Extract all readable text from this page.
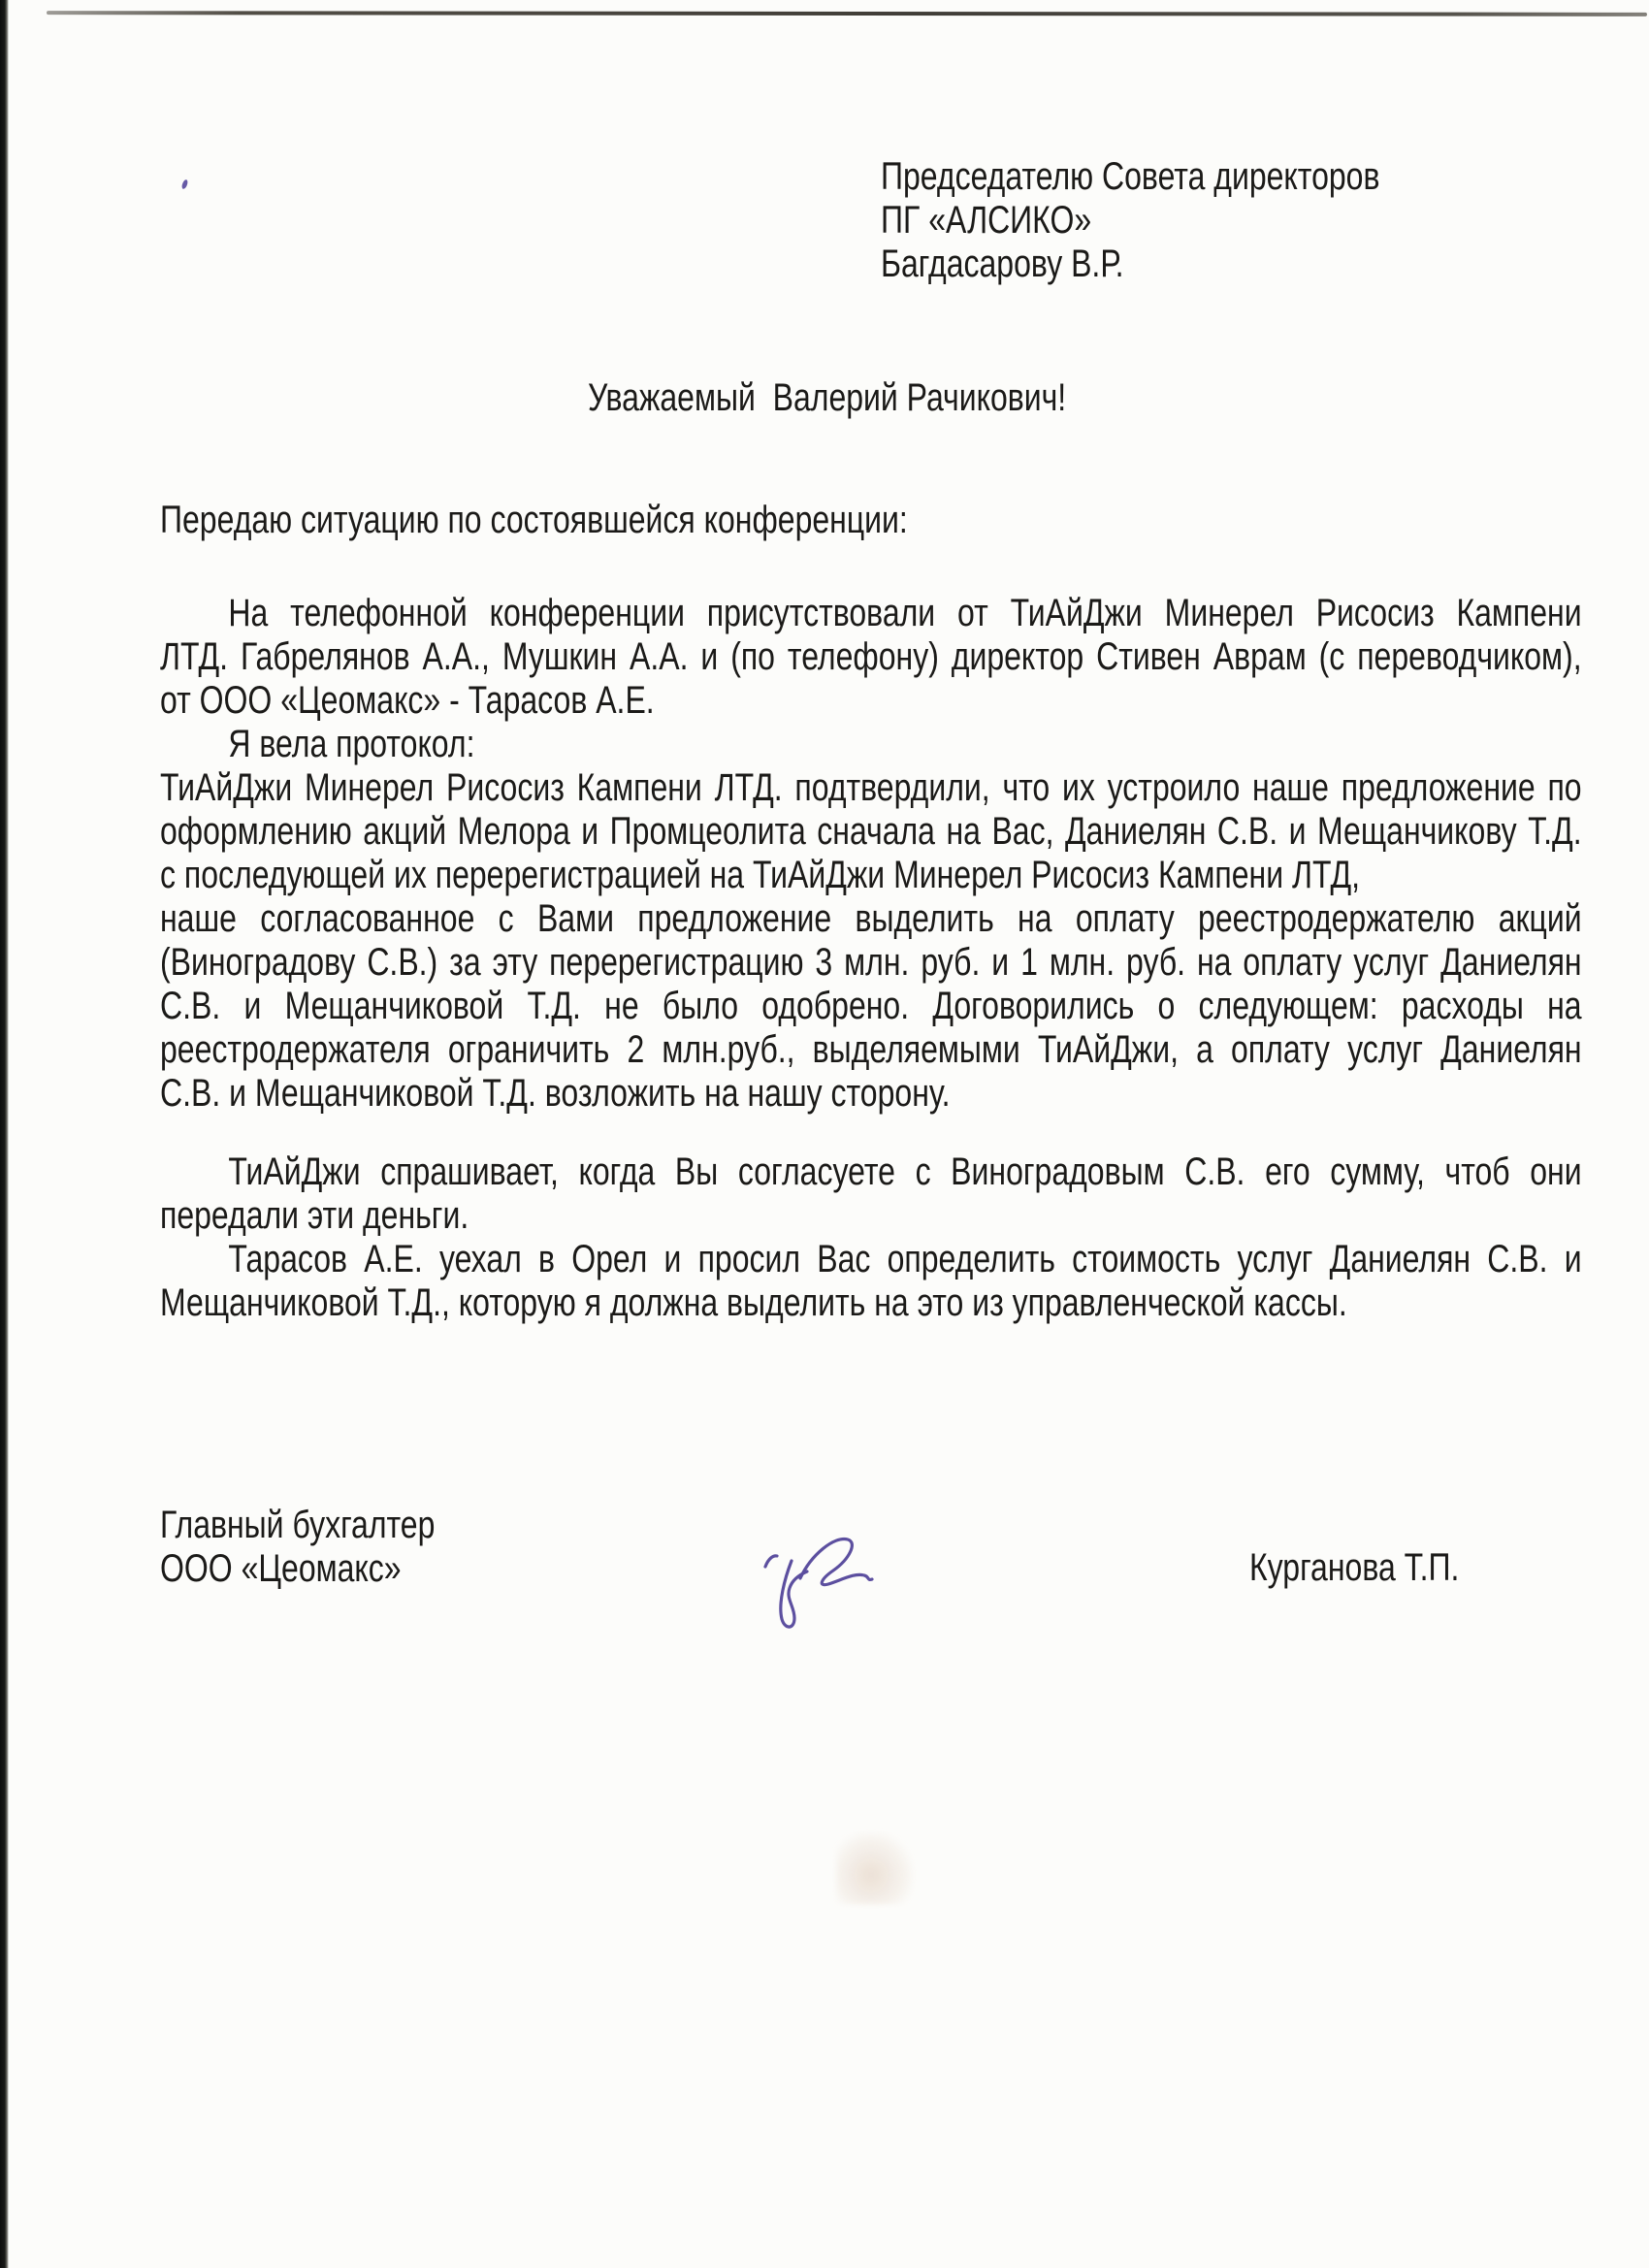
Председателю Совета директоров
ПГ «АЛСИКО»
Багдасарову В.Р.
Уважаемый  Валерий Рачикович!
Передаю ситуацию по состоявшейся конференции:
На телефонной конференции присутствовали от ТиАйДжи Минерел Рисосиз Кампени
ЛТД. Габрелянов А.А., Мушкин А.А. и (по телефону) директор Стивен Аврам (с переводчиком),
от ООО «Цеомакс» - Тарасов А.Е.
Я вела протокол:
ТиАйДжи Минерел Рисосиз Кампени ЛТД. подтвердили, что их устроило наше предложение по
оформлению акций Мелора и Промцеолита сначала на Вас, Даниелян С.В. и Мещанчикову Т.Д.
с последующей их перерегистрацией на ТиАйДжи Минерел Рисосиз Кампени ЛТД,
наше согласованное с Вами предложение выделить на оплату реестродержателю акций
(Виноградову С.В.) за эту перерегистрацию 3 млн. руб. и 1 млн. руб. на оплату услуг Даниелян
С.В. и Мещанчиковой Т.Д. не было одобрено. Договорились о следующем: расходы на
реестродержателя ограничить 2 млн.руб., выделяемыми ТиАйДжи, а оплату услуг Даниелян
С.В. и Мещанчиковой Т.Д. возложить на нашу сторону.
ТиАйДжи спрашивает, когда Вы согласуете с Виноградовым С.В. его сумму, чтоб они
передали эти деньги.
Тарасов А.Е. уехал в Орел и просил Вас определить стоимость услуг Даниелян С.В. и
Мещанчиковой Т.Д., которую я должна выделить на это из управленческой кассы.
Главный бухгалтер
ООО «Цеомакс»	Курганова Т.П.
